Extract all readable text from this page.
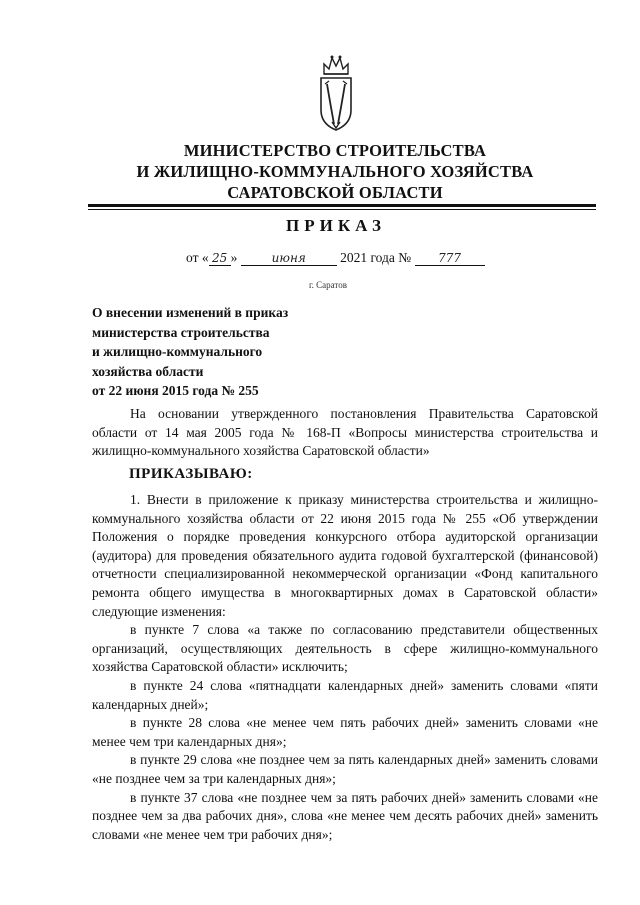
МИНИСТЕРСТВО СТРОИТЕЛЬСТВА
И ЖИЛИЩНО-КОММУНАЛЬНОГО ХОЗЯЙСТВА
САРАТОВСКОЙ ОБЛАСТИ
ПРИКАЗ
от « 25 »	июня	2021 года № 777
г. Саратов
О внесении изменений в приказ
министерства строительства
и жилищно-коммунального
хозяйства области
от 22 июня 2015 года № 255

На основании утвержденного постановления Правительства Саратовской области от 14 мая 2005 года № 168-П «Вопросы министерства строительства и жилищно-коммунального хозяйства Саратовской области»

ПРИКАЗЫВАЮ:

1. Внести в приложение к приказу министерства строительства и жилищно-коммунального хозяйства области от 22 июня 2015 года № 255 «Об утверждении Положения о порядке проведения конкурсного отбора аудиторской организации (аудитора) для проведения обязательного аудита годовой бухгалтерской (финансовой) отчетности специализированной некоммерческой организации «Фонд капитального ремонта общего имущества в многоквартирных домах в Саратовской области» следующие изменения:

в пункте 7 слова «а также по согласованию представители общественных организаций, осуществляющих деятельность в сфере жилищно-коммунального хозяйства Саратовской области» исключить;

в пункте 24 слова «пятнадцати календарных дней» заменить словами «пяти календарных дней»;

в пункте 28 слова «не менее чем пять рабочих дней» заменить словами «не менее чем три календарных дня»;

в пункте 29 слова «не позднее чем за пять календарных дней» заменить словами «не позднее чем за три календарных дня»;

в пункте 37 слова «не позднее чем за пять рабочих дней» заменить словами «не позднее чем за два рабочих дня», слова «не менее чем десять рабочих дней» заменить словами «не менее чем три рабочих дня»;
